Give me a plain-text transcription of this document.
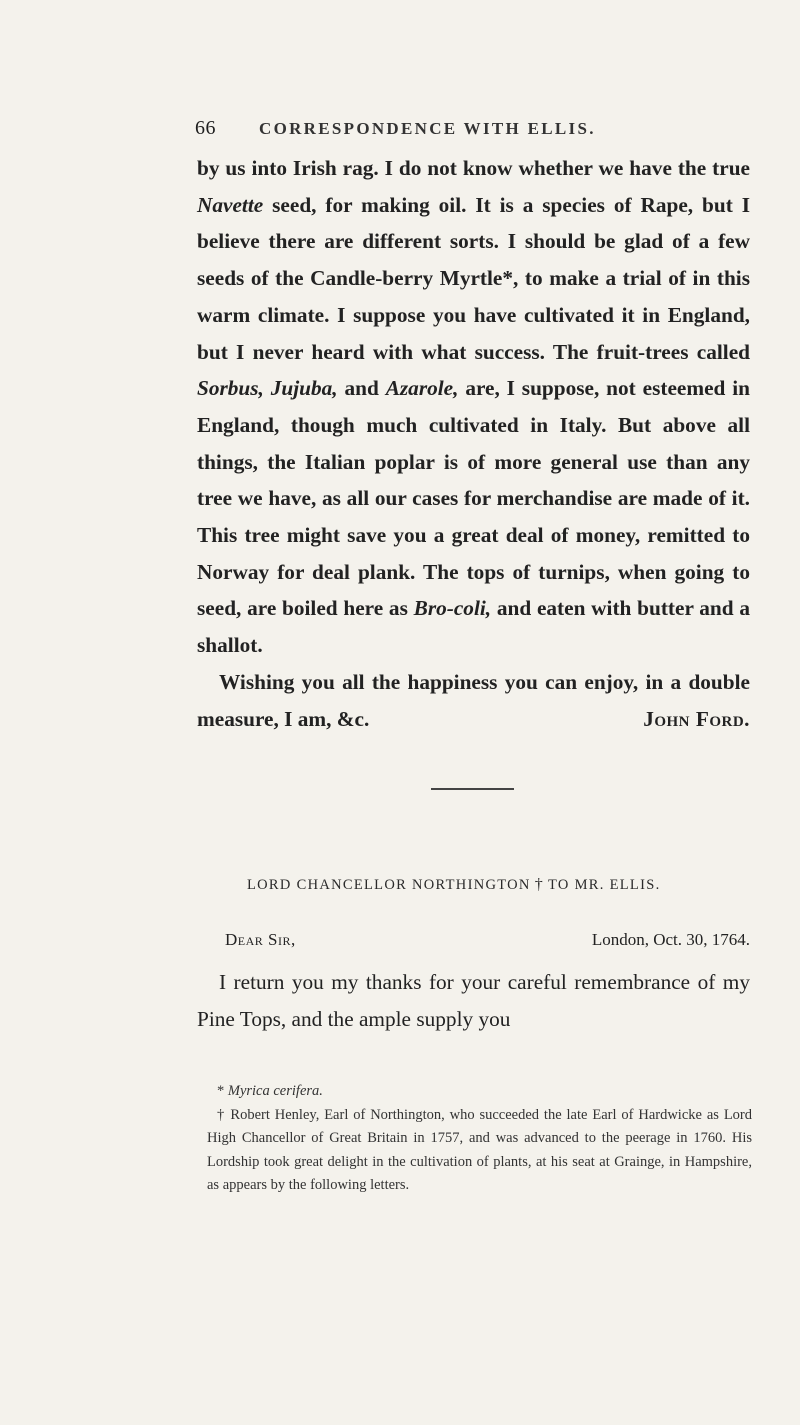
66	CORRESPONDENCE WITH ELLIS.

by us into Irish rag. I do not know whether we have the true Navette seed, for making oil. It is a species of Rape, but I believe there are different sorts. I should be glad of a few seeds of the Candle-berry Myrtle*, to make a trial of in this warm climate. I suppose you have cultivated it in England, but I never heard with what success. The fruit-trees called Sorbus, Jujuba, and Azarole, are, I suppose, not esteemed in England, though much cultivated in Italy. But above all things, the Italian poplar is of more general use than any tree we have, as all our cases for merchandise are made of it. This tree might save you a great deal of money, remitted to Norway for deal plank. The tops of turnips, when going to seed, are boiled here as Bro-coli, and eaten with butter and a shallot.

Wishing you all the happiness you can enjoy, in a double measure, I am, &c.	John Ford.

LORD CHANCELLOR NORTHINGTON † TO MR. ELLIS.
Dear Sir,	London, Oct. 30, 1764.

I return you my thanks for your careful remembrance of my Pine Tops, and the ample supply you

* Myrica cerifera.

† Robert Henley, Earl of Northington, who succeeded the late Earl of Hardwicke as Lord High Chancellor of Great Britain in 1757, and was advanced to the peerage in 1760. His Lordship took great delight in the cultivation of plants, at his seat at Grainge, in Hampshire, as appears by the following letters.
